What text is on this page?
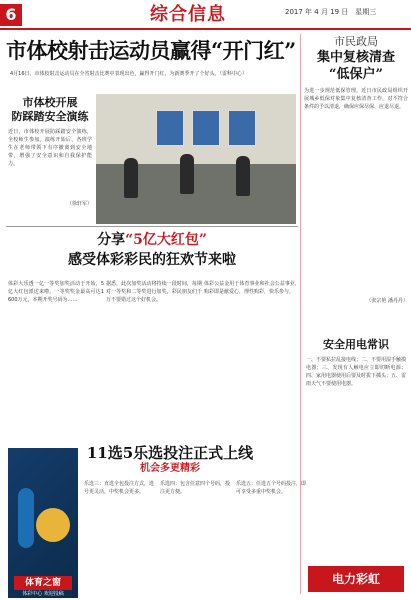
6	综合信息	2017 年 4 月 19 日　星期三
市体校射击运动员赢得“开门红”
4月16日，市体校射击运动员在全省射击比赛中表现出色，赢得开门红，为新赛季开了个好头。（雷科中心）
市体校开展
防踩踏安全演练
近日，市体校开展防踩踏安全演练，全校师生参加。演练开始后，各班学生在老师带领下有序撤离到安全地带，增强了安全意识和自我保护能力。
（徐轩军）
分享“5亿大红包”
感受体彩彩民的狂欢节来啦
体彩大乐透一亿一等奖加奖活动于开始，5亿大红包派送来啦。一等奖奖金最高可达1600万元，本期开奖号码为……
据悉，此次加奖活动将持续一段时间，每期对一等奖和二等奖进行加奖，彩民朋友们千万不要错过这个好机会。
体彩公益金用于体育事业和社会公益事业，购彩即是献爱心，理性购彩，快乐参与。
体育之窗
体彩中心 欢迎投稿
11选5乐选投注正式上线
机会多更精彩
乐选三：直选全包投注方式，选号更灵活，中奖机会更多。
乐选四：包含任意四个号码，投注更方便。
乐选五：任选五个号码投注，即可享受多重中奖机会。
市民政局
集中复核清查
“低保户”
为进一步规范低保管理，近日市民政局组织开展城乡低保对象集中复核清查工作，对不符合条件的予以清退，确保应保尽保、应退尽退。
（张宗艳 潘丹丹）
安全用电常识
一、不要私拉乱接电线；二、不要用湿手触摸电器；三、发现有人触电应立即切断电源；四、家用电器使用后要及时拔下插头；五、雷雨天气不要使用电器。
电力彩虹
